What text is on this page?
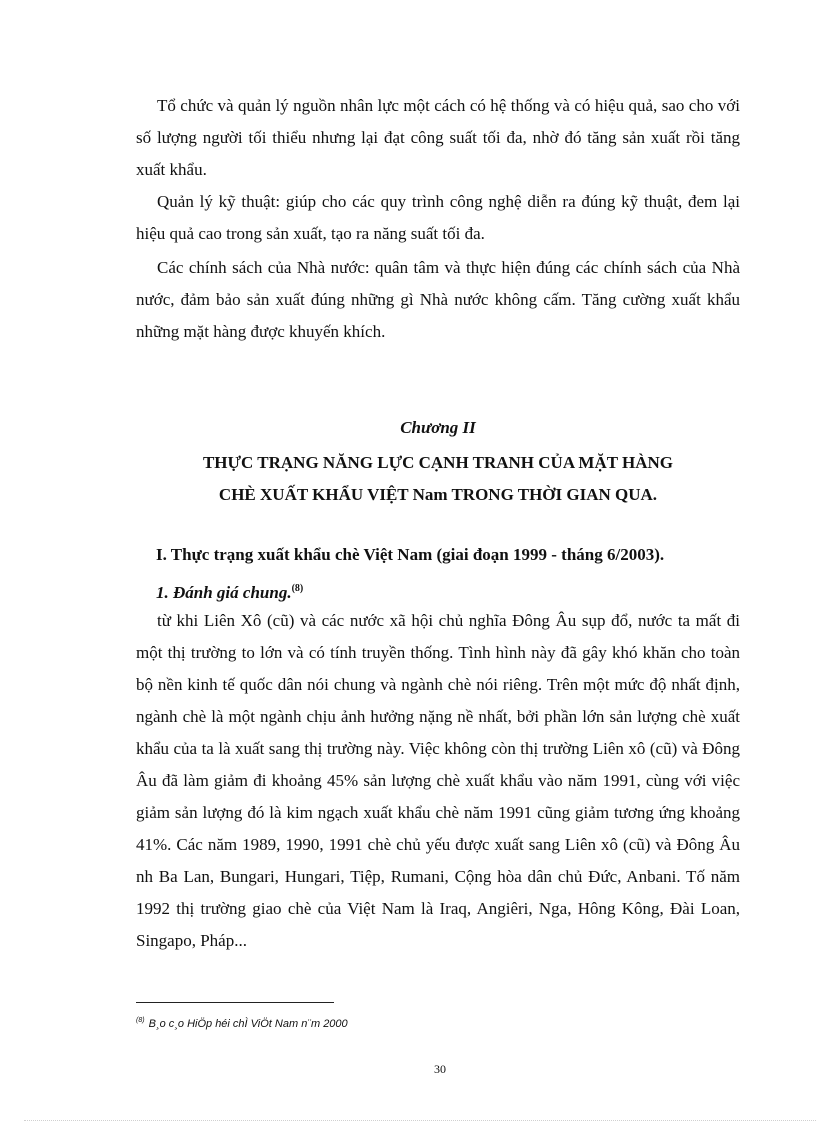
Tổ chức và quản lý nguồn nhân lực một cách có hệ thống và có hiệu quả, sao cho với số lượng người tối thiểu nhưng lại đạt công suất tối đa, nhờ đó tăng sản xuất rồi tăng xuất khẩu.

Quản lý kỹ thuật: giúp cho các quy trình công nghệ diễn ra đúng kỹ thuật, đem lại hiệu quả cao trong sản xuất, tạo ra năng suất tối đa.

Các chính sách của Nhà nước: quân tâm và thực hiện đúng các chính sách của Nhà nước, đảm bảo sản xuất đúng những gì Nhà nước không cấm. Tăng cường xuất khẩu những mặt hàng được khuyến khích.

Chương II

THỰC TRẠNG NĂNG LỰC CẠNH TRANH CỦA MẶT HÀNG

CHÈ XUẤT KHẨU VIỆT Nam TRONG THỜI GIAN QUA.

I. Thực trạng xuất khẩu chè Việt Nam (giai đoạn 1999 - tháng 6/2003).

1. Đánh giá chung.$^{(8)}$

từ khi Liên Xô (cũ) và các nước xã hội chủ nghĩa Đông Âu sụp đổ, nước ta mất đi một thị trường to lớn và có tính truyền thống. Tình hình này đã gây khó khăn cho toàn bộ nền kinh tế quốc dân nói chung và ngành chè nói riêng. Trên một mức độ nhất định, ngành chè là một ngành chịu ảnh hưởng nặng nề nhất, bởi phần lớn sản lượng chè xuất khẩu của ta là xuất sang thị trường này. Việc không còn thị trường Liên xô (cũ) và Đông Âu đã làm giảm đi khoảng 45% sản lượng chè xuất khẩu vào năm 1991, cùng với việc giảm sản lượng đó là kim ngạch xuất khẩu chè năm 1991 cũng giảm tương ứng khoảng 41%. Các năm 1989, 1990, 1991 chè chủ yếu được xuất sang Liên xô (cũ) và Đông Âu nh Ba Lan, Bungari, Hungari, Tiệp, Rumani, Cộng hòa dân chủ Đức, Anbani. Tố năm 1992 thị trường giao chè của Việt Nam là Iraq, Angiêri, Nga, Hông Kông, Đài Loan, Singapo, Pháp...

$^{(8)}$ B¸o c¸o HiÖp héi chÌ ViÖt Nam n¨m 2000

30
